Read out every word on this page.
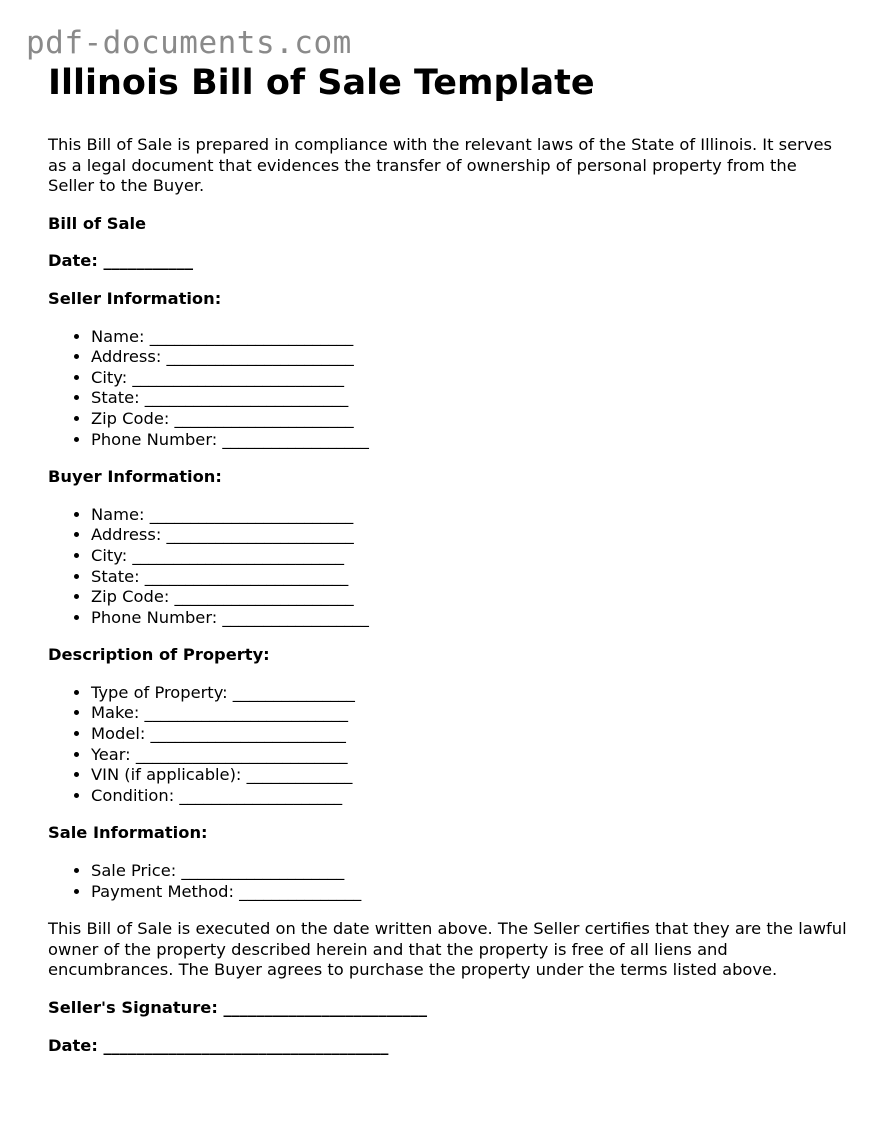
pdf-documents.com
Illinois Bill of Sale Template

This Bill of Sale is prepared in compliance with the relevant laws of the State of Illinois. It serves as a legal document that evidences the transfer of ownership of personal property from the Seller to the Buyer.

Bill of Sale

Date: ___________

Seller Information:

• Name: _________________________
• Address: _______________________
• City: __________________________
• State: _________________________
• Zip Code: ______________________
• Phone Number: __________________

Buyer Information:

• Name: _________________________
• Address: _______________________
• City: __________________________
• State: _________________________
• Zip Code: ______________________
• Phone Number: __________________

Description of Property:

• Type of Property: _______________
• Make: _________________________
• Model: ________________________
• Year: __________________________
• VIN (if applicable): _____________
• Condition: ____________________

Sale Information:

• Sale Price: ____________________
• Payment Method: _______________

This Bill of Sale is executed on the date written above. The Seller certifies that they are the lawful owner of the property described herein and that the property is free of all liens and encumbrances. The Buyer agrees to purchase the property under the terms listed above.

Seller's Signature: _________________________

Date: ___________________________________
